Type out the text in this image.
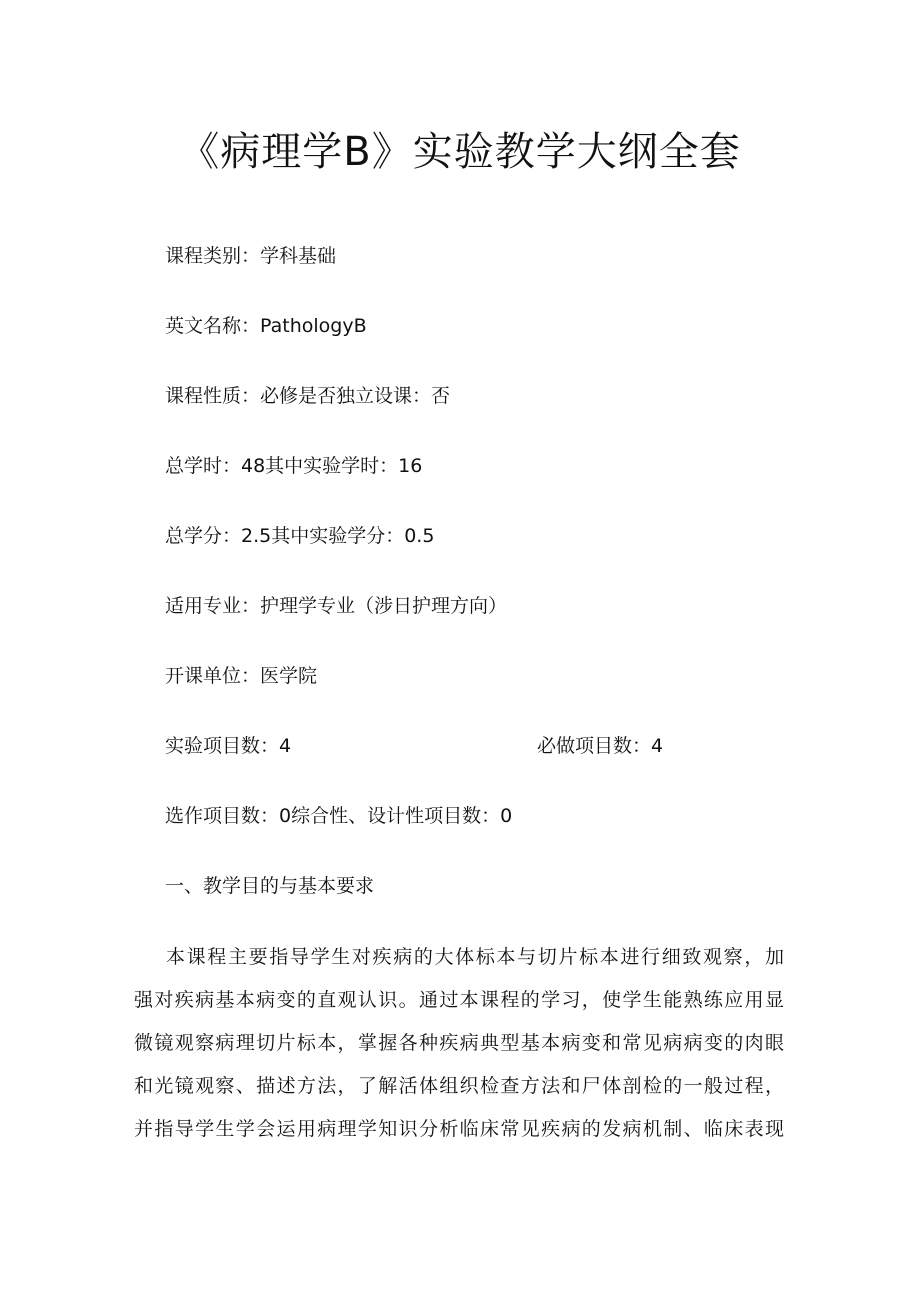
《病理学B》实验教学大纲全套
课程类别：学科基础
英文名称：PathologyB
课程性质：必修是否独立设课：否
总学时：48其中实验学时：16
总学分：2.5其中实验学分：0.5
适用专业：护理学专业（涉日护理方向）
开课单位：医学院
实验项目数：4	必做项目数：4
选作项目数：0综合性、设计性项目数：0
一、教学目的与基本要求

本课程主要指导学生对疾病的大体标本与切片标本进行细致观察，加
强对疾病基本病变的直观认识。通过本课程的学习，使学生能熟练应用显
微镜观察病理切片标本，掌握各种疾病典型基本病变和常见病病变的肉眼
和光镜观察、描述方法，了解活体组织检查方法和尸体剖检的一般过程，
并指导学生学会运用病理学知识分析临床常见疾病的发病机制、临床表现
